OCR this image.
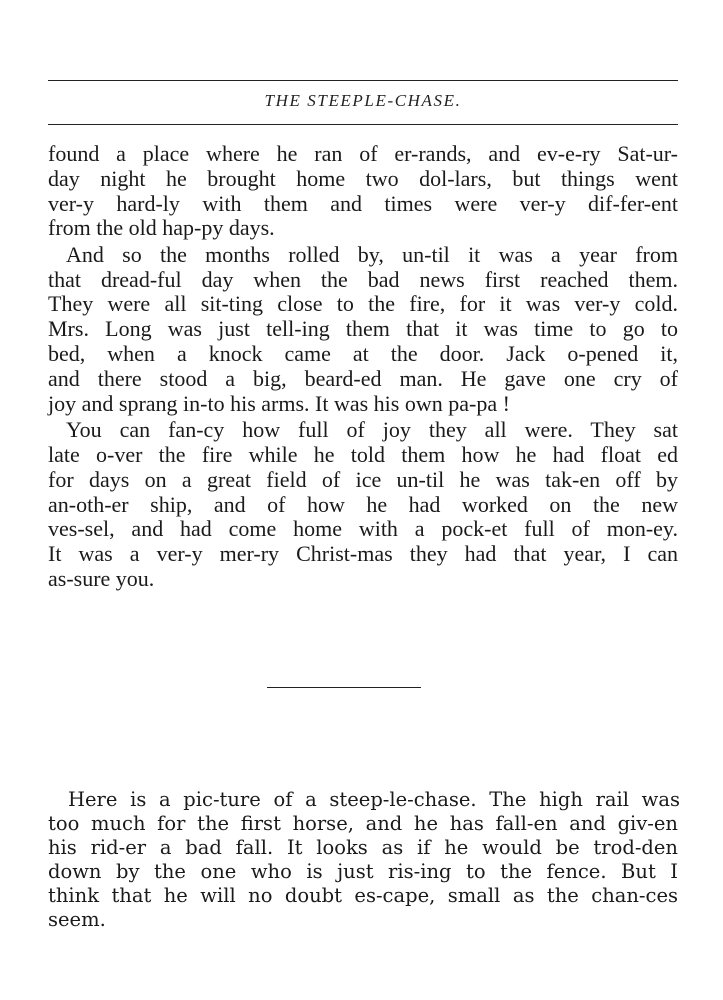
THE STEEPLE-CHASE.
found a place where he ran of er-rands, and ev-e-ry Sat-ur-
day night he brought home two dol-lars, but things went
ver-y hard-ly with them and times were ver-y dif-fer-ent
from the old hap-py days.
And so the months rolled by, un-til it was a year from
that dread-ful day when the bad news first reached them.
They were all sit-ting close to the fire, for it was ver-y cold.
Mrs. Long was just tell-ing them that it was time to go to
bed, when a knock came at the door. Jack o-pened it,
and there stood a big, beard-ed man. He gave one cry of
joy and sprang in-to his arms. It was his own pa-pa !
You can fan-cy how full of joy they all were. They sat
late o-ver the fire while he told them how he had float ed
for days on a great field of ice un-til he was tak-en off by
an-oth-er ship, and of how he had worked on the new
ves-sel, and had come home with a pock-et full of mon-ey.
It was a ver-y mer-ry Christ-mas they had that year, I can
as-sure you.
Here is a pic-ture of a steep-le-chase. The high rail was
too much for the first horse, and he has fall-en and giv-en
his rid-er a bad fall. It looks as if he would be trod-den
down by the one who is just ris-ing to the fence. But I
think that he will no doubt es-cape, small as the chan-ces
seem.
